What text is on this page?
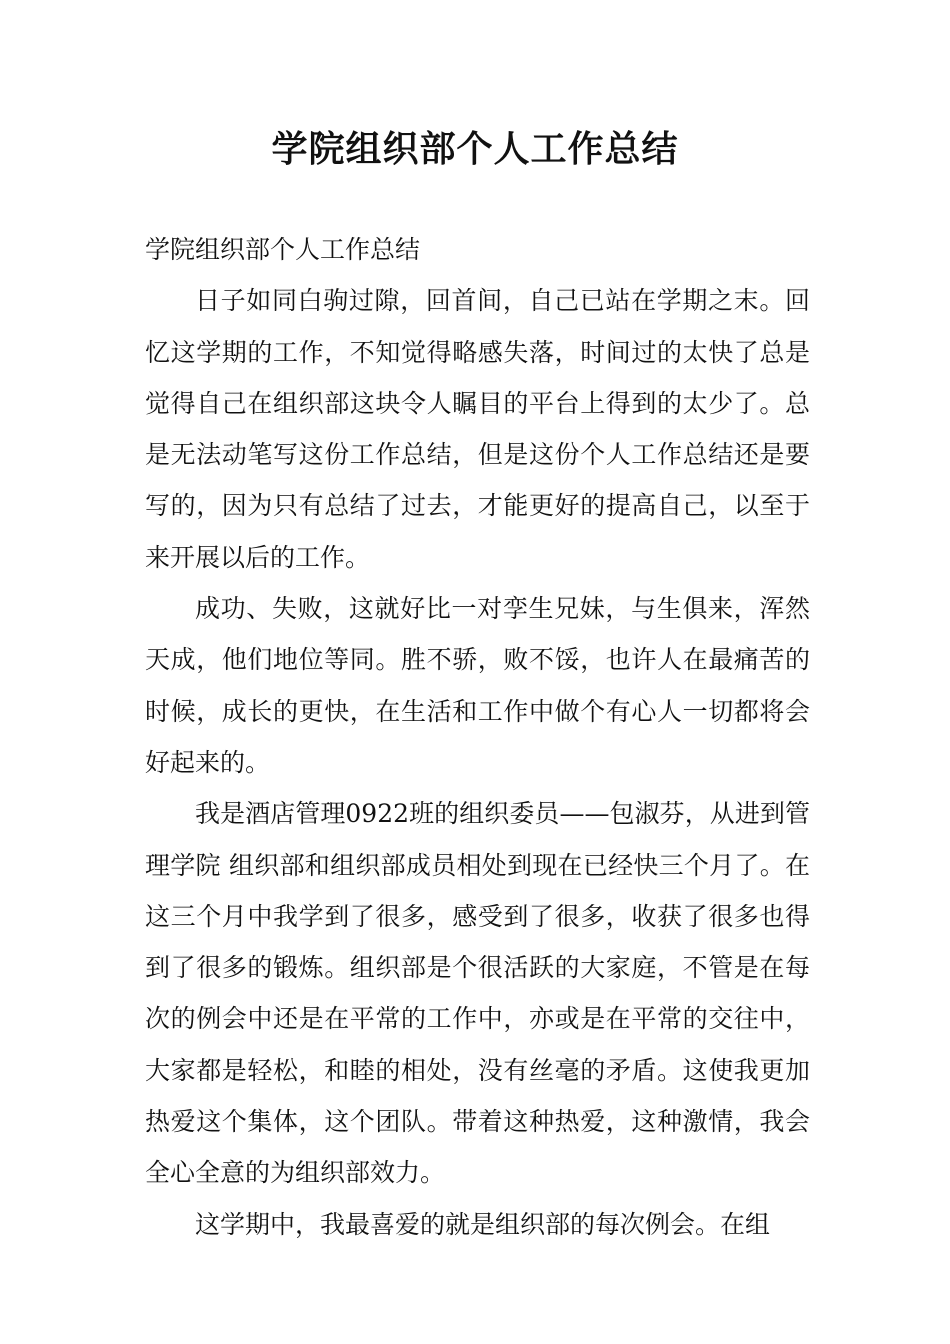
学院组织部个人工作总结

学院组织部个人工作总结

日子如同白驹过隙，回首间，自己已站在学期之末。回忆这学期的工作，不知觉得略感失落，时间过的太快了总是觉得自己在组织部这块令人瞩目的平台上得到的太少了。总是无法动笔写这份工作总结，但是这份个人工作总结还是要写的，因为只有总结了过去，才能更好的提高自己，以至于来开展以后的工作。

成功、失败，这就好比一对孪生兄妹，与生俱来，浑然天成，他们地位等同。胜不骄，败不馁，也许人在最痛苦的时候，成长的更快，在生活和工作中做个有心人一切都将会好起来的。

我是酒店管理0922班的组织委员——包淑芬，从进到管理学院 组织部和组织部成员相处到现在已经快三个月了。在这三个月中我学到了很多，感受到了很多，收获了很多也得到了很多的锻炼。组织部是个很活跃的大家庭，不管是在每次的例会中还是在平常的工作中，亦或是在平常的交往中，大家都是轻松，和睦的相处，没有丝毫的矛盾。这使我更加热爱这个集体，这个团队。带着这种热爱，这种激情，我会全心全意的为组织部效力。

这学期中，我最喜爱的就是组织部的每次例会。在组
